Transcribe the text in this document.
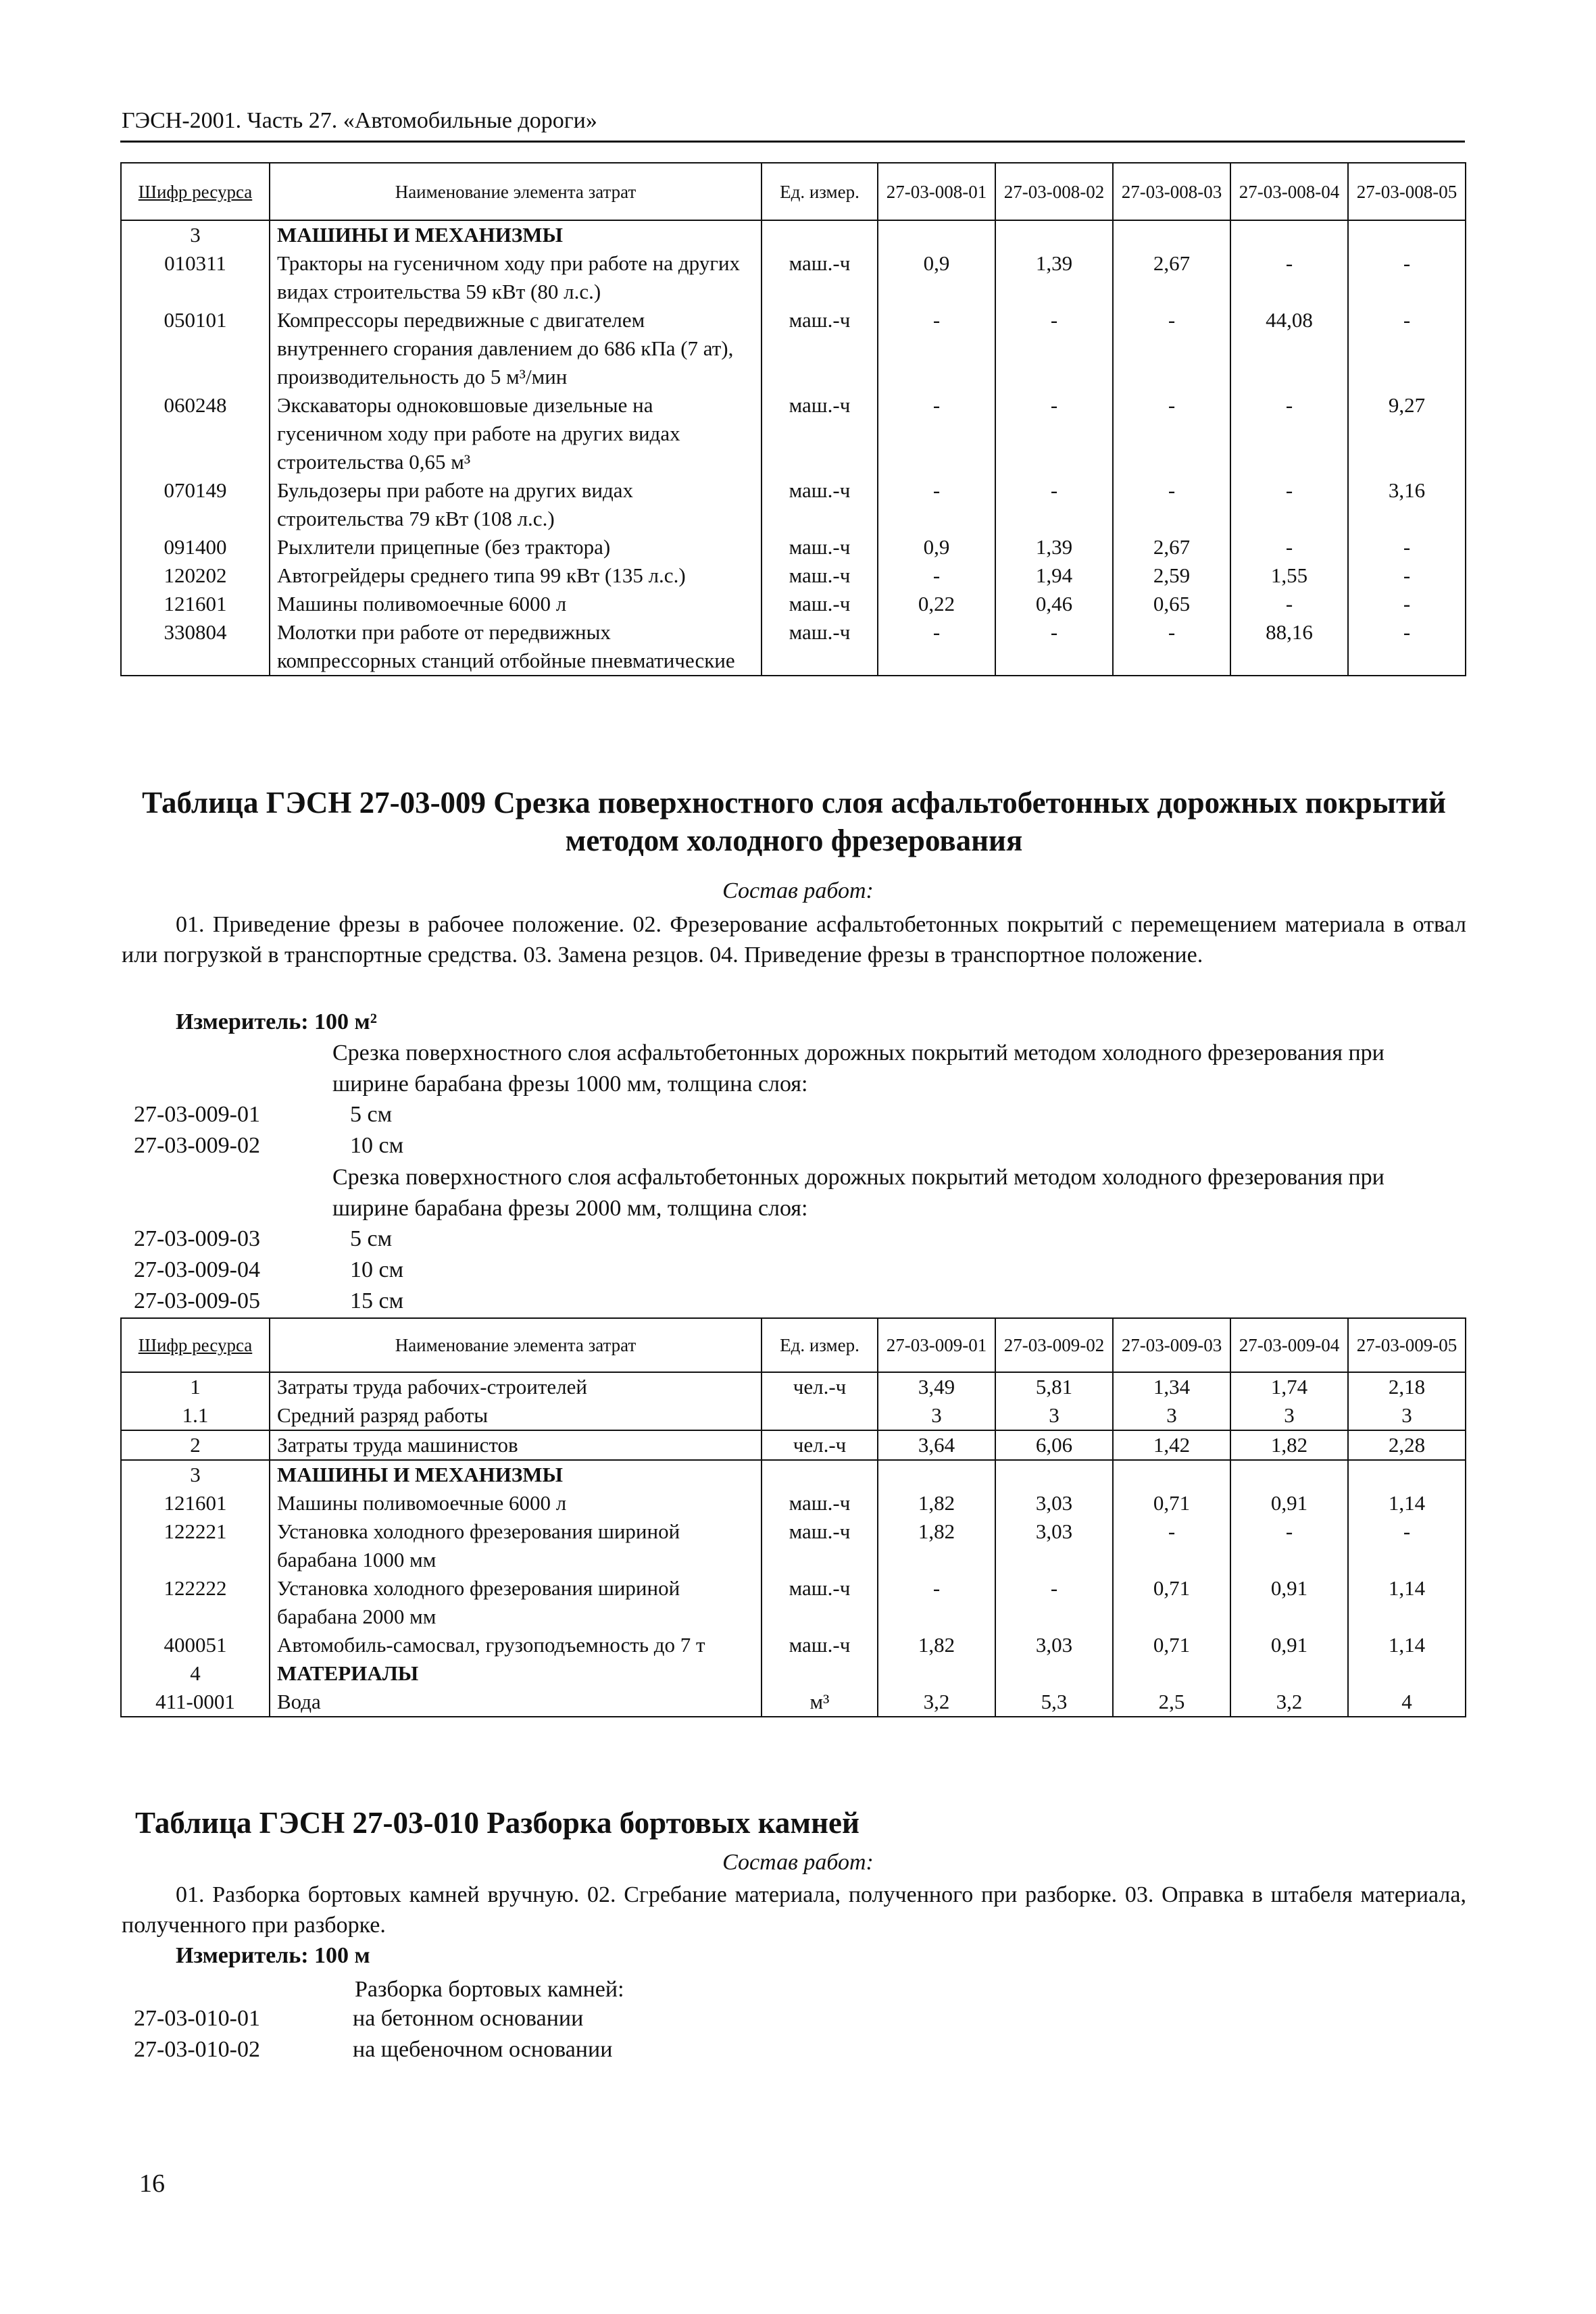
ГЭСН-2001. Часть 27. «Автомобильные дороги»
Шифр ресурса	Наименование элемента затрат	Ед. измер.	27-03-008-01	27-03-008-02	27-03-008-03	27-03-008-04	27-03-008-05
3	МАШИНЫ И МЕХАНИЗМЫ						
010311	Тракторы на гусеничном ходу при работе на других видах строительства 59 кВт (80 л.с.)	маш.-ч	0,9	1,39	2,67	-	-
050101	Компрессоры передвижные с двигателем внутреннего сгорания давлением до 686 кПа (7 ат), производительность до 5 м³/мин	маш.-ч	-	-	-	44,08	-
060248	Экскаваторы одноковшовые дизельные на гусеничном ходу при работе на других видах строительства 0,65 м³	маш.-ч	-	-	-	-	9,27
070149	Бульдозеры при работе на других видах строительства 79 кВт (108 л.с.)	маш.-ч	-	-	-	-	3,16
091400	Рыхлители прицепные (без трактора)	маш.-ч	0,9	1,39	2,67	-	-
120202	Автогрейдеры среднего типа 99 кВт (135 л.с.)	маш.-ч	-	1,94	2,59	1,55	-
121601	Машины поливомоечные 6000 л	маш.-ч	0,22	0,46	0,65	-	-
330804	Молотки при работе от передвижных компрессорных станций отбойные пневматические	маш.-ч	-	-	-	88,16	-
Таблица ГЭСН 27-03-009 Срезка поверхностного слоя асфальтобетонных дорожных покрытий методом холодного фрезерования
Состав работ:
01. Приведение фрезы в рабочее положение. 02. Фрезерование асфальтобетонных покрытий с перемещением материала в отвал или погрузкой в транспортные средства. 03. Замена резцов. 04. Приведение фрезы в транспортное положение.
Измеритель: 100 м²
Срезка поверхностного слоя асфальтобетонных дорожных покрытий методом холодного фрезерования при ширине барабана фрезы 1000 мм, толщина слоя:
27-03-009-01	5 см
27-03-009-02	10 см
Срезка поверхностного слоя асфальтобетонных дорожных покрытий методом холодного фрезерования при ширине барабана фрезы 2000 мм, толщина слоя:
27-03-009-03	5 см
27-03-009-04	10 см
27-03-009-05	15 см
Шифр ресурса	Наименование элемента затрат	Ед. измер.	27-03-009-01	27-03-009-02	27-03-009-03	27-03-009-04	27-03-009-05
1	Затраты труда рабочих-строителей	чел.-ч	3,49	5,81	1,34	1,74	2,18
1.1	Средний разряд работы		3	3	3	3	3
2	Затраты труда машинистов	чел.-ч	3,64	6,06	1,42	1,82	2,28
3	МАШИНЫ И МЕХАНИЗМЫ						
121601	Машины поливомоечные 6000 л	маш.-ч	1,82	3,03	0,71	0,91	1,14
122221	Установка холодного фрезерования шириной барабана 1000 мм	маш.-ч	1,82	3,03	-	-	-
122222	Установка холодного фрезерования шириной барабана 2000 мм	маш.-ч	-	-	0,71	0,91	1,14
400051	Автомобиль-самосвал, грузоподъемность до 7 т	маш.-ч	1,82	3,03	0,71	0,91	1,14
4	МАТЕРИАЛЫ						
411-0001	Вода	м³	3,2	5,3	2,5	3,2	4
Таблица ГЭСН 27-03-010 Разборка бортовых камней
Состав работ:
01. Разборка бортовых камней вручную. 02. Сгребание материала, полученного при разборке. 03. Оправка в штабеля материала, полученного при разборке.
Измеритель: 100 м
Разборка бортовых камней:
27-03-010-01	на бетонном основании
27-03-010-02	на щебеночном основании
16
